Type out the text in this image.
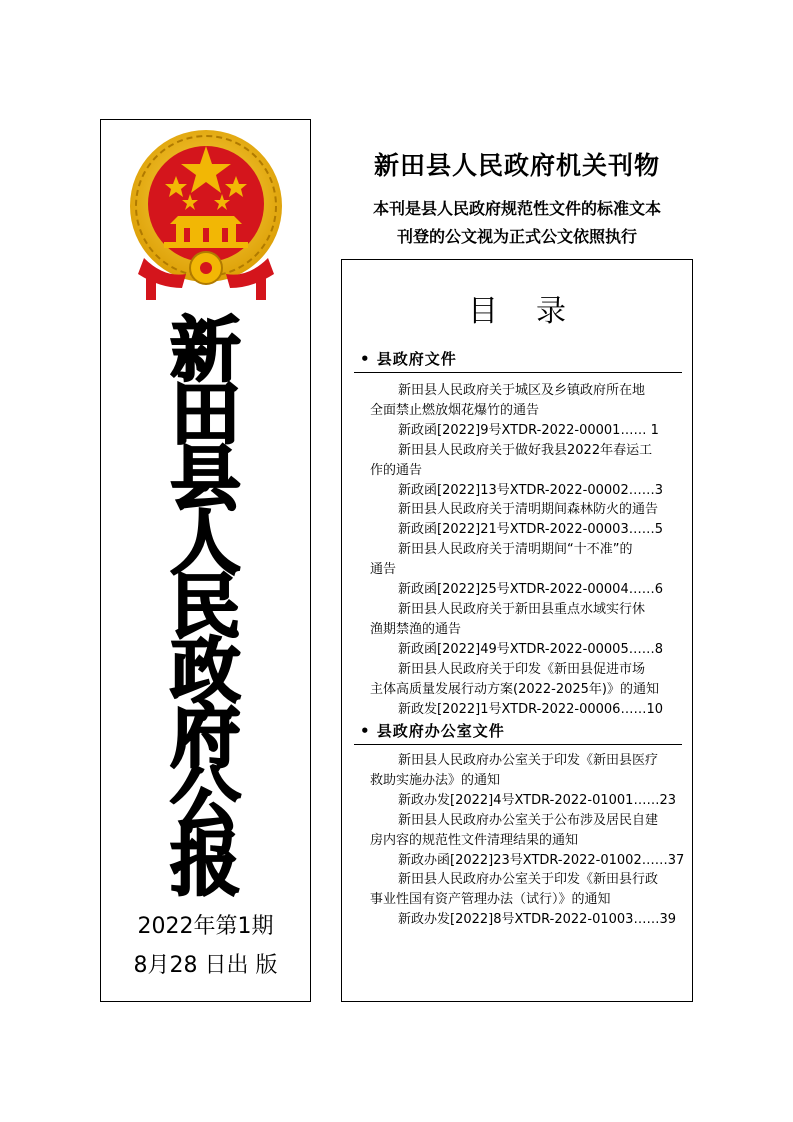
新
田
县
人
民
政
府
公
报
2022年第1期
8月28 日出 版
新田县人民政府机关刊物
本刊是县人民政府规范性文件的标准文本
刊登的公文视为正式公文依照执行
目录
• 县政府文件
新田县人民政府关于城区及乡镇政府所在地
全面禁止燃放烟花爆竹的通告
新政函[2022]9号XTDR-2022-00001…… 1
新田县人民政府关于做好我县2022年春运工
作的通告
新政函[2022]13号XTDR-2022-00002……3
新田县人民政府关于清明期间森林防火的通告
新政函[2022]21号XTDR-2022-00003……5
新田县人民政府关于清明期间“十不准”的
通告
新政函[2022]25号XTDR-2022-00004……6
新田县人民政府关于新田县重点水域实行休
渔期禁渔的通告
新政函[2022]49号XTDR-2022-00005……8
新田县人民政府关于印发《新田县促进市场
主体高质量发展行动方案(2022-2025年)》的通知
新政发[2022]1号XTDR-2022-00006……10
• 县政府办公室文件
新田县人民政府办公室关于印发《新田县医疗
救助实施办法》的通知
新政办发[2022]4号XTDR-2022-01001……23
新田县人民政府办公室关于公布涉及居民自建
房内容的规范性文件清理结果的通知
新政办函[2022]23号XTDR-2022-01002……37
新田县人民政府办公室关于印发《新田县行政
事业性国有资产管理办法（试行）》的通知
新政办发[2022]8号XTDR-2022-01003……39
